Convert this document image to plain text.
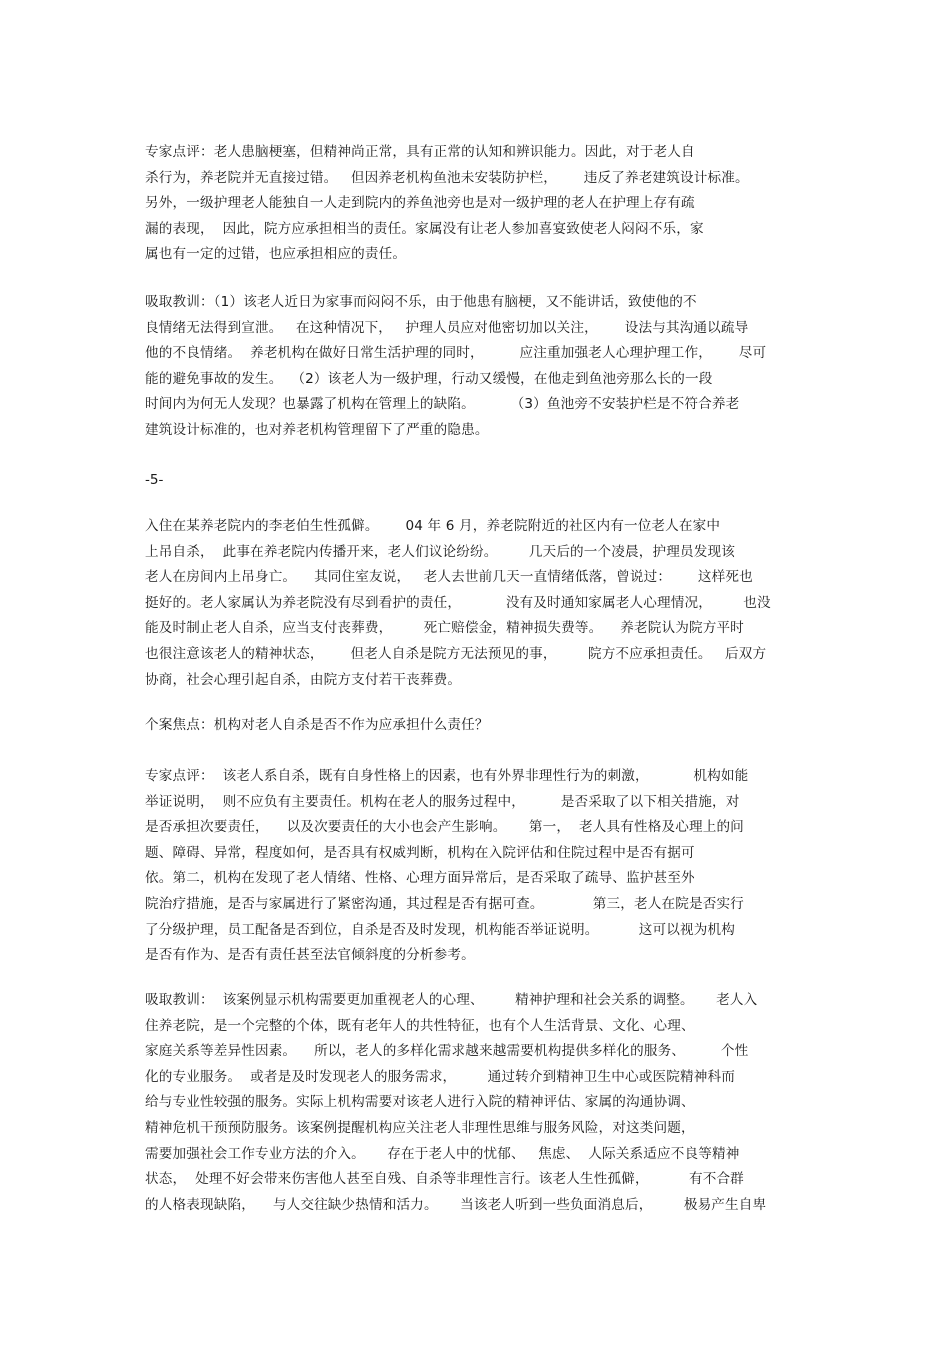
专家点评：老人患脑梗塞，但精神尚正常，具有正常的认知和辨识能力。因此，对于老人自
杀行为，养老院并无直接过错。   但因养老机构鱼池未安装防护栏，      违反了养老建筑设计标准。
另外，一级护理老人能独自一人走到院内的养鱼池旁也是对一级护理的老人在护理上存有疏
漏的表现，  因此，院方应承担相当的责任。家属没有让老人参加喜宴致使老人闷闷不乐，家
属也有一定的过错，也应承担相应的责任。
吸取教训：（1）该老人近日为家事而闷闷不乐，由于他患有脑梗，又不能讲话，致使他的不
良情绪无法得到宣泄。   在这种情况下，   护理人员应对他密切加以关注，      设法与其沟通以疏导
他的不良情绪。  养老机构在做好日常生活护理的同时，        应注重加强老人心理护理工作，      尽可
能的避免事故的发生。  （2）该老人为一级护理，行动又缓慢，在他走到鱼池旁那么长的一段
时间内为何无人发现？也暴露了机构在管理上的缺陷。        （3）鱼池旁不安装护栏是不符合养老
建筑设计标准的，也对养老机构管理留下了严重的隐患。
-5-
入住在某养老院内的李老伯生性孤僻。      04 年 6 月，养老院附近的社区内有一位老人在家中
上吊自杀，  此事在养老院内传播开来，老人们议论纷纷。       几天后的一个凌晨，护理员发现该
老人在房间内上吊身亡。    其同住室友说，   老人去世前几天一直情绪低落，曾说过：      这样死也
挺好的。老人家属认为养老院没有尽到看护的责任，          没有及时通知家属老人心理情况，       也没
能及时制止老人自杀，应当支付丧葬费，       死亡赔偿金，精神损失费等。    养老院认为院方平时
也很注意该老人的精神状态，      但老人自杀是院方无法预见的事，       院方不应承担责任。   后双方
协商，社会心理引起自杀，由院方支付若干丧葬费。
个案焦点：机构对老人自杀是否不作为应承担什么责任？
专家点评：  该老人系自杀，既有自身性格上的因素，也有外界非理性行为的刺激，          机构如能
举证说明，  则不应负有主要责任。机构在老人的服务过程中，        是否采取了以下相关措施，对
是否承担次要责任，    以及次要责任的大小也会产生影响。     第一，  老人具有性格及心理上的问
题、障碍、异常，程度如何，是否具有权威判断，机构在入院评估和住院过程中是否有据可
依。第二，机构在发现了老人情绪、性格、心理方面异常后，是否采取了疏导、监护甚至外
院治疗措施，是否与家属进行了紧密沟通，其过程是否有据可查。           第三，老人在院是否实行
了分级护理，员工配备是否到位，自杀是否及时发现，机构能否举证说明。         这可以视为机构
是否有作为、是否有责任甚至法官倾斜度的分析参考。
吸取教训：  该案例显示机构需要更加重视老人的心理、       精神护理和社会关系的调整。     老人入
住养老院，是一个完整的个体，既有老年人的共性特征，也有个人生活背景、文化、心理、
家庭关系等差异性因素。    所以，老人的多样化需求越来越需要机构提供多样化的服务、        个性
化的专业服务。  或者是及时发现老人的服务需求，       通过转介到精神卫生中心或医院精神科而
给与专业性较强的服务。实际上机构需要对该老人进行入院的精神评估、家属的沟通协调、
精神危机干预预防服务。该案例提醒机构应关注老人非理性思维与服务风险，对这类问题，
需要加强社会工作专业方法的介入。     存在于老人中的忧郁、   焦虑、  人际关系适应不良等精神
状态，  处理不好会带来伤害他人甚至自残、自杀等非理性言行。该老人生性孤僻，         有不合群
的人格表现缺陷，    与人交往缺少热情和活力。     当该老人听到一些负面消息后，       极易产生自卑
